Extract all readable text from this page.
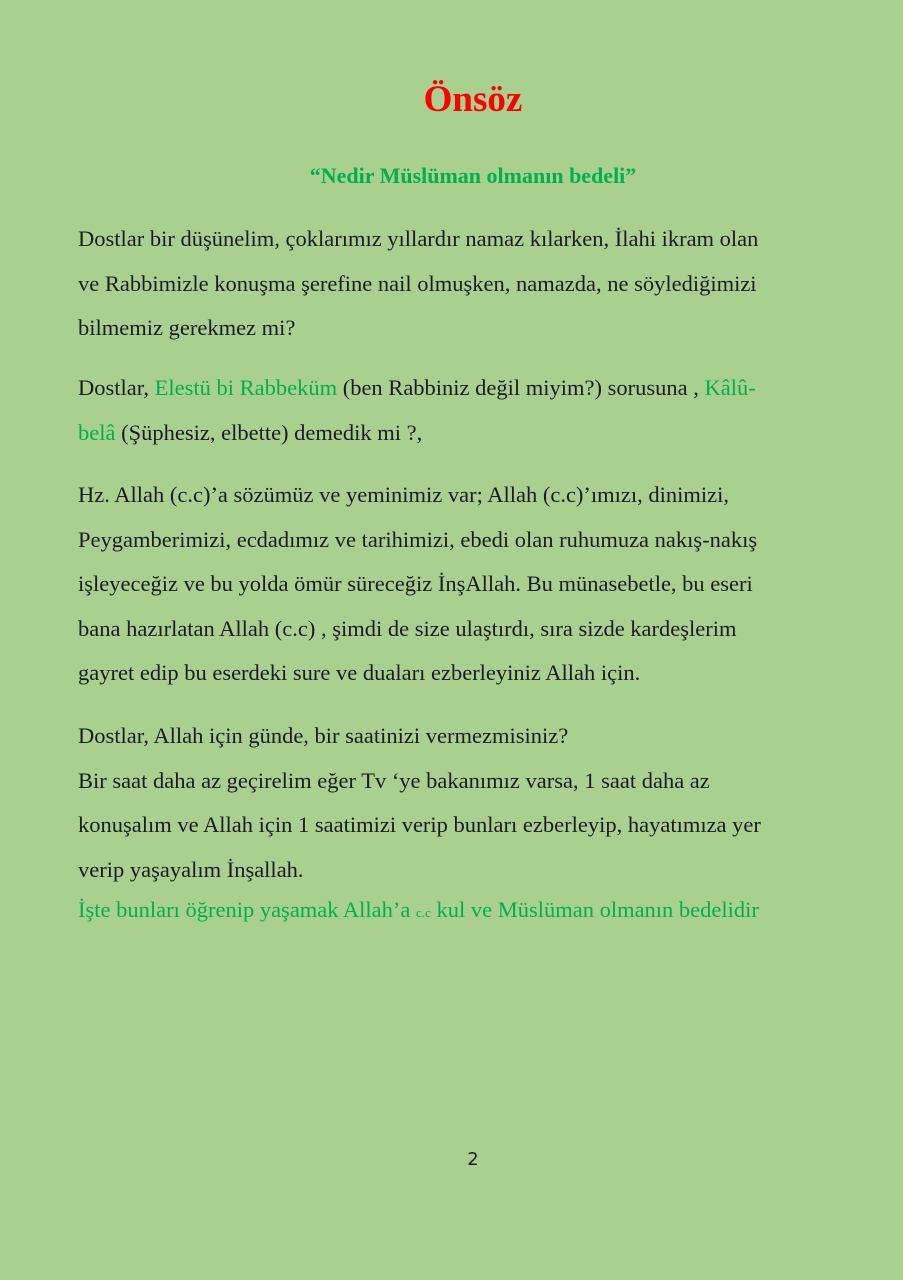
Önsöz

“Nedir Müslüman olmanın bedeli”

Dostlar bir düşünelim, çoklarımız yıllardır namaz kılarken, İlahi ikram olan
ve Rabbimizle konuşma şerefine nail olmuşken, namazda, ne söylediğimizi
bilmemiz gerekmez mi?

Dostlar, Elestü bi Rabbeküm (ben Rabbiniz değil miyim?) sorusuna , Kâlû-
belâ (Şüphesiz, elbette) demedik mi ?,

Hz. Allah (c.c)’a sözümüz ve yeminimiz var; Allah (c.c)’ımızı, dinimizi,
Peygamberimizi, ecdadımız ve tarihimizi, ebedi olan ruhumuza nakış-nakış
işleyeceğiz ve bu yolda ömür süreceğiz İnşAllah. Bu münasebetle, bu eseri
bana hazırlatan Allah (c.c) , şimdi de size ulaştırdı, sıra sizde kardeşlerim
gayret edip bu eserdeki sure ve duaları ezberleyiniz Allah için.

Dostlar, Allah için günde, bir saatinizi vermezmisiniz?
Bir saat daha az geçirelim eğer Tv ‘ye bakanımız varsa, 1 saat daha az
konuşalım ve Allah için 1 saatimizi verip bunları ezberleyip, hayatımıza yer
verip yaşayalım İnşallah.

İşte bunları öğrenip yaşamak Allah’a c.c kul ve Müslüman olmanın bedelidir

2
